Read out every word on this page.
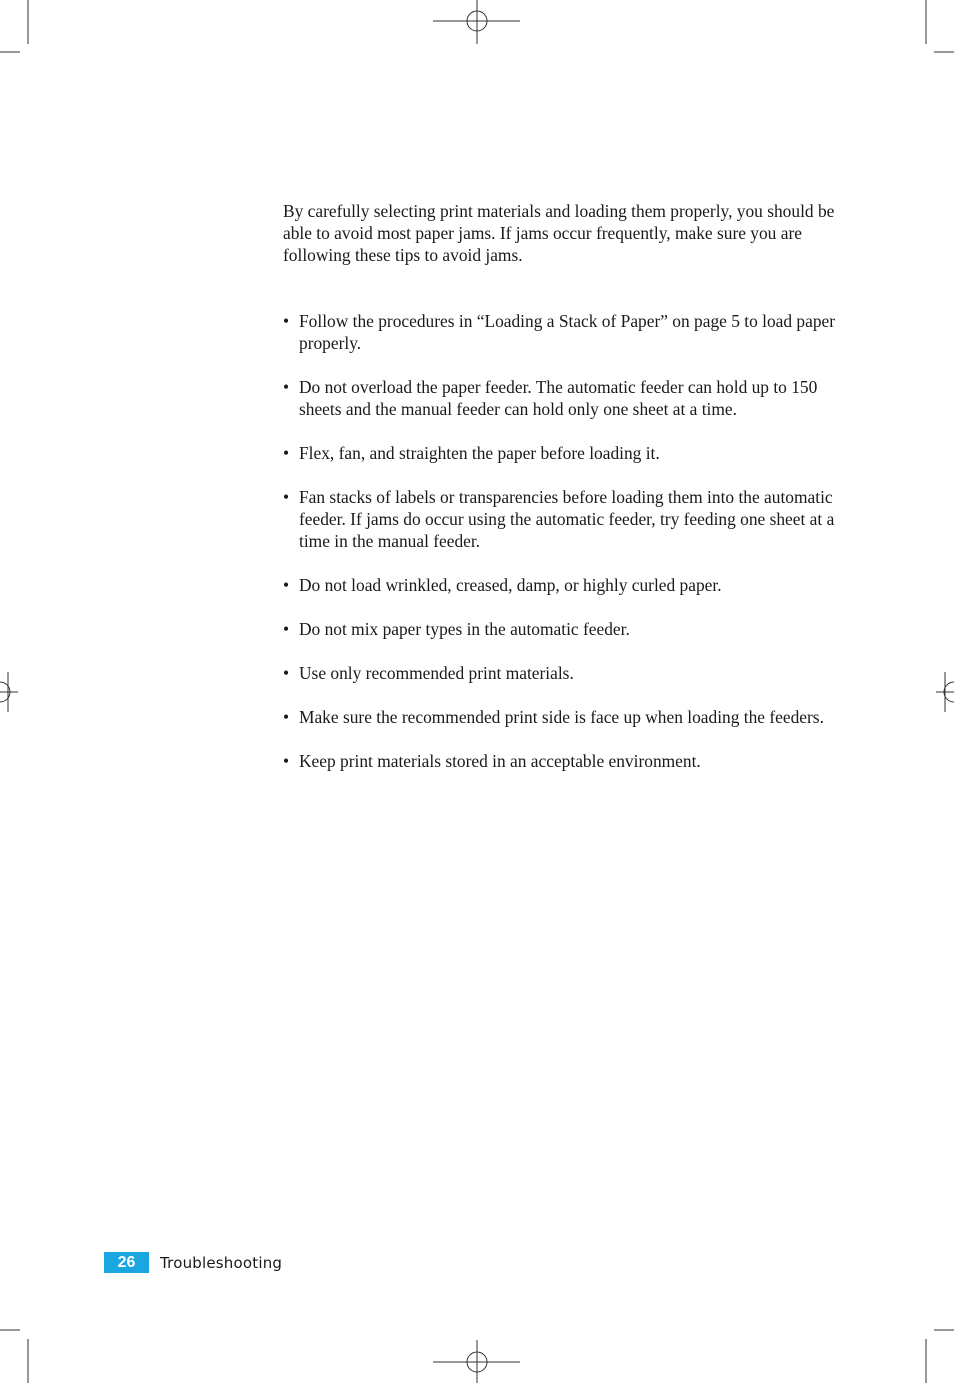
By carefully selecting print materials and loading them properly, you should be able to avoid most paper jams. If jams occur frequently, make sure you are following these tips to avoid jams.

• Follow the procedures in “Loading a Stack of Paper” on page 5 to load paper properly.
• Do not overload the paper feeder. The automatic feeder can hold up to 150 sheets and the manual feeder can hold only one sheet at a time.
• Flex, fan, and straighten the paper before loading it.
• Fan stacks of labels or transparencies before loading them into the automatic feeder. If jams do occur using the automatic feeder, try feeding one sheet at a time in the manual feeder.
• Do not load wrinkled, creased, damp, or highly curled paper.
• Do not mix paper types in the automatic feeder.
• Use only recommended print materials.
• Make sure the recommended print side is face up when loading the feeders.
• Keep print materials stored in an acceptable environment.
26	Troubleshooting
